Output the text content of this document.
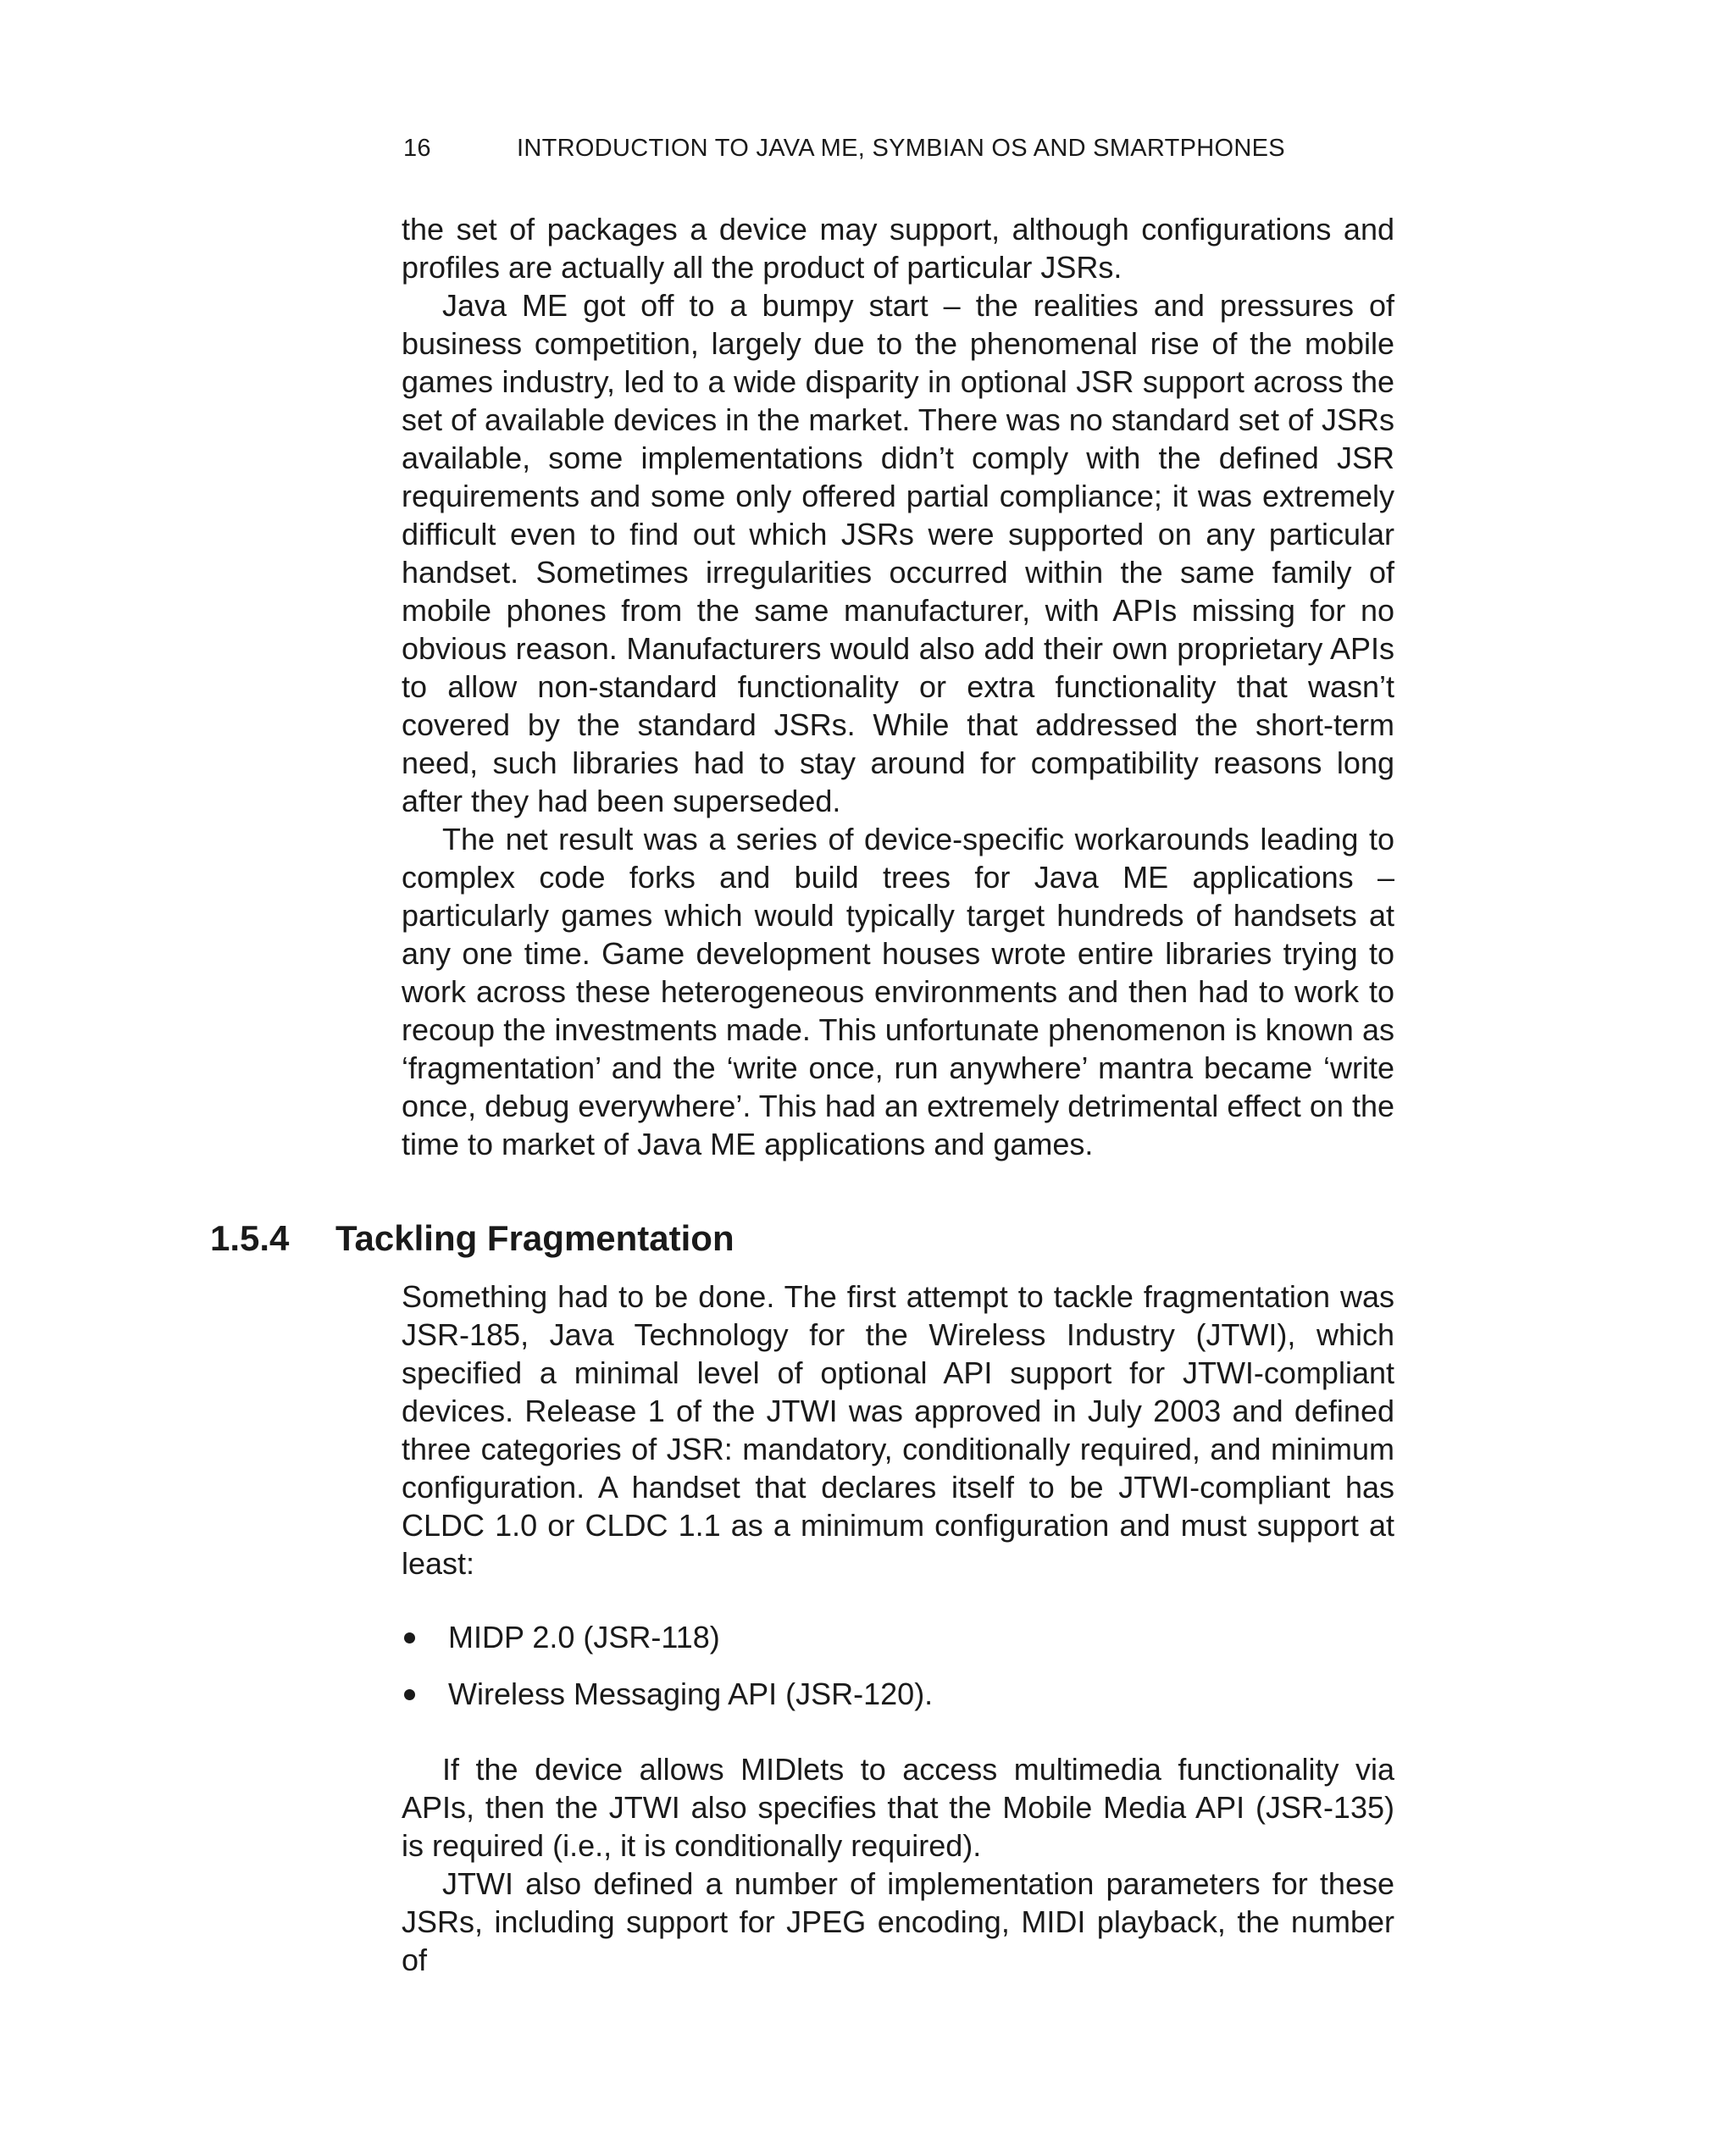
16	INTRODUCTION TO JAVA ME, SYMBIAN OS AND SMARTPHONES

the set of packages a device may support, although configurations and profiles are actually all the product of particular JSRs.

Java ME got off to a bumpy start – the realities and pressures of business competition, largely due to the phenomenal rise of the mobile games industry, led to a wide disparity in optional JSR support across the set of available devices in the market. There was no standard set of JSRs available, some implementations didn’t comply with the defined JSR requirements and some only offered partial compliance; it was extremely difficult even to find out which JSRs were supported on any particular handset. Sometimes irregularities occurred within the same family of mobile phones from the same manufacturer, with APIs missing for no obvious reason. Manufacturers would also add their own proprietary APIs to allow non-standard functionality or extra functionality that wasn’t covered by the standard JSRs. While that addressed the short-term need, such libraries had to stay around for compatibility reasons long after they had been superseded.

The net result was a series of device-specific workarounds leading to complex code forks and build trees for Java ME applications – particularly games which would typically target hundreds of handsets at any one time. Game development houses wrote entire libraries trying to work across these heterogeneous environments and then had to work to recoup the investments made. This unfortunate phenomenon is known as ‘fragmentation’ and the ‘write once, run anywhere’ mantra became ‘write once, debug everywhere’. This had an extremely detrimental effect on the time to market of Java ME applications and games.

1.5.4 Tackling Fragmentation

Something had to be done. The first attempt to tackle fragmentation was JSR-185, Java Technology for the Wireless Industry (JTWI), which specified a minimal level of optional API support for JTWI-compliant devices. Release 1 of the JTWI was approved in July 2003 and defined three categories of JSR: mandatory, conditionally required, and minimum configuration. A handset that declares itself to be JTWI-compliant has CLDC 1.0 or CLDC 1.1 as a minimum configuration and must support at least:

MIDP 2.0 (JSR-118)
Wireless Messaging API (JSR-120).

If the device allows MIDlets to access multimedia functionality via APIs, then the JTWI also specifies that the Mobile Media API (JSR-135) is required (i.e., it is conditionally required).

JTWI also defined a number of implementation parameters for these JSRs, including support for JPEG encoding, MIDI playback, the number of
